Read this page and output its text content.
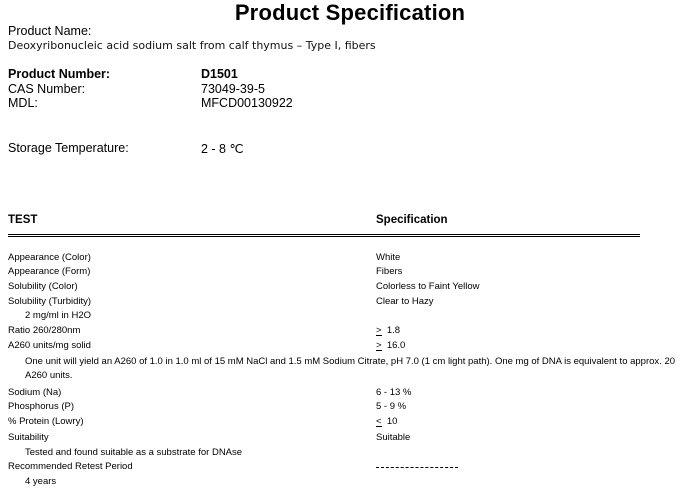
Product Specification
Product Name:
Deoxyribonucleic acid sodium salt from calf thymus – Type I, fibers
Product Number:	D1501
CAS Number:	73049-39-5
MDL:	MFCD00130922
Storage Temperature:	2 - 8 ℃
TEST	Specification
Appearance (Color)	White
Appearance (Form)	Fibers
Solubility (Color)	Colorless to Faint Yellow
Solubility (Turbidity)	Clear to Hazy
2 mg/ml in H2O
Ratio 260/280nm	> 1.8
A260 units/mg solid	> 16.0
One unit will yield an A260 of 1.0 in 1.0 ml of 15 mM NaCl and 1.5 mM Sodium Citrate, pH 7.0 (1 cm light path). One mg of DNA is equivalent to approx. 20 A260 units.
Sodium (Na)	6 - 13 %
Phosphorus (P)	5 - 9 %
% Protein (Lowry)	< 10
Suitability	Suitable
Tested and found suitable as a substrate for DNAse
Recommended Retest Period
4 years
